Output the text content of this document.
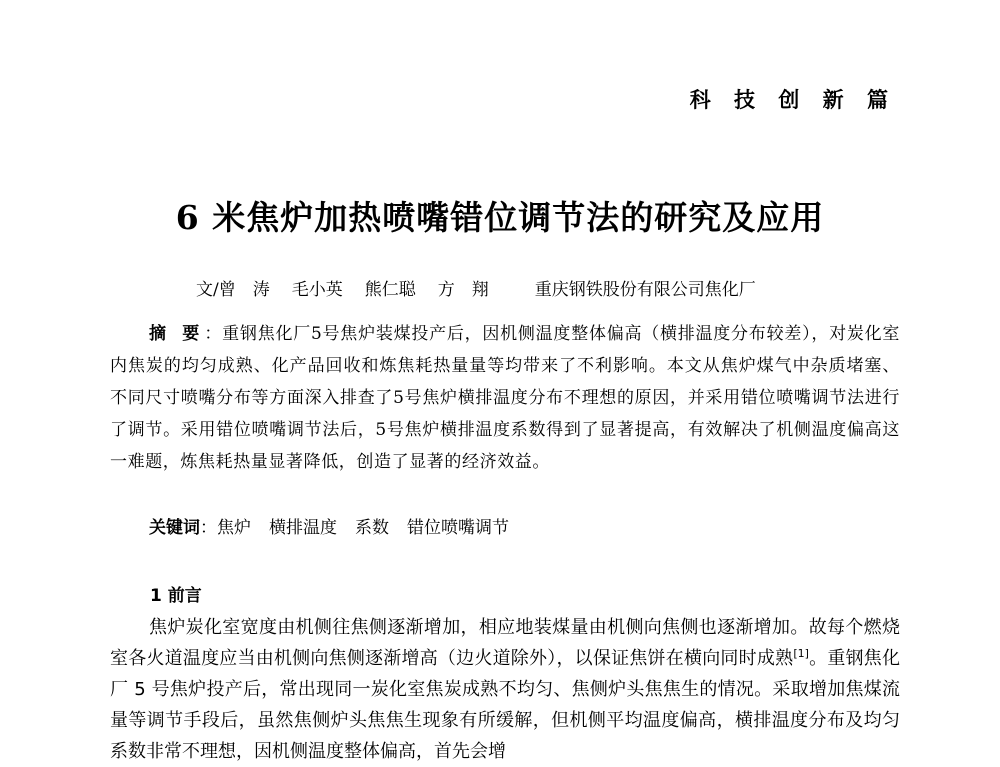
科 技 创 新 篇
6 米焦炉加热喷嘴错位调节法的研究及应用
文/曾　涛 毛小英 熊仁聪 方　翔	重庆钢铁股份有限公司焦化厂
摘 要：重钢焦化厂5号焦炉装煤投产后，因机侧温度整体偏高（横排温度分布较差），对炭化室内焦炭的均匀成熟、化产品回收和炼焦耗热量量等均带来了不利影响。本文从焦炉煤气中杂质堵塞、不同尺寸喷嘴分布等方面深入排查了5号焦炉横排温度分布不理想的原因，并采用错位喷嘴调节法进行了调节。采用错位喷嘴调节法后，5号焦炉横排温度系数得到了显著提高，有效解决了机侧温度偏高这一难题，炼焦耗热量显著降低，创造了显著的经济效益。
关键词：焦炉 横排温度 系数 错位喷嘴调节
1 前言
焦炉炭化室宽度由机侧往焦侧逐渐增加，相应地装煤量由机侧向焦侧也逐渐增加。故每个燃烧室各火道温度应当由机侧向焦侧逐渐增高（边火道除外），以保证焦饼在横向同时成熟[1]。重钢焦化厂 5 号焦炉投产后，常出现同一炭化室焦炭成熟不均匀、焦侧炉头焦焦生的情况。采取增加焦煤流量等调节手段后，虽然焦侧炉头焦焦生现象有所缓解，但机侧平均温度偏高，横排温度分布及均匀系数非常不理想，因机侧温度整体偏高，首先会增
